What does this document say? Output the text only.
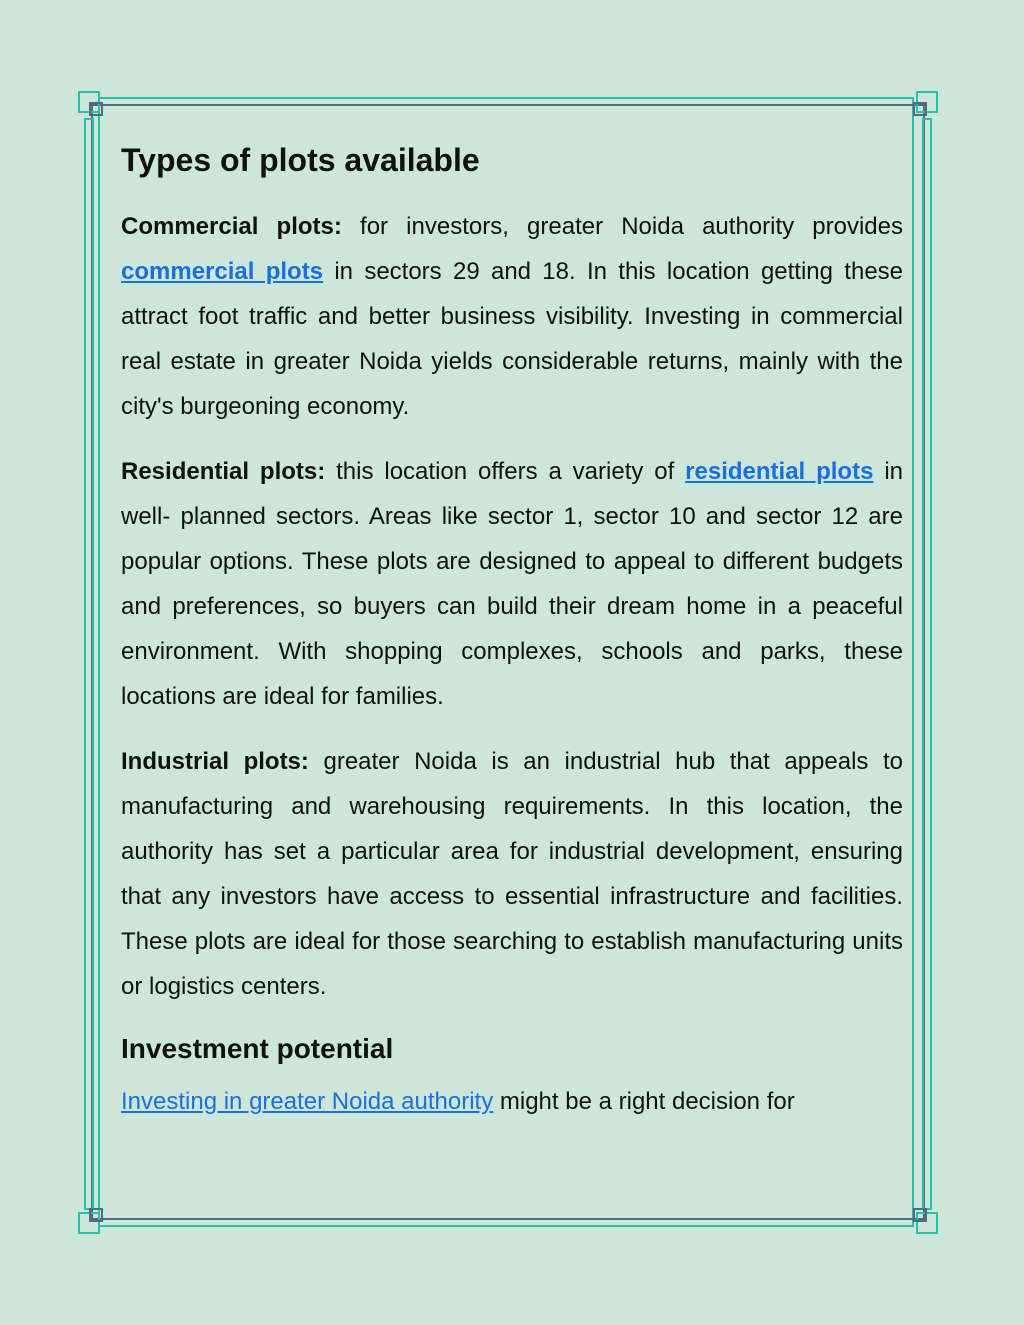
Types of plots available

Commercial plots: for investors, greater Noida authority provides commercial plots in sectors 29 and 18. In this location getting these attract foot traffic and better business visibility. Investing in commercial real estate in greater Noida yields considerable returns, mainly with the city's burgeoning economy.

Residential plots: this location offers a variety of residential plots in well- planned sectors. Areas like sector 1, sector 10 and sector 12 are popular options. These plots are designed to appeal to different budgets and preferences, so buyers can build their dream home in a peaceful environment. With shopping complexes, schools and parks, these locations are ideal for families.

Industrial plots: greater Noida is an industrial hub that appeals to manufacturing and warehousing requirements. In this location, the authority has set a particular area for industrial development, ensuring that any investors have access to essential infrastructure and facilities. These plots are ideal for those searching to establish manufacturing units or logistics centers.

Investment potential

Investing in greater Noida authority might be a right decision for
